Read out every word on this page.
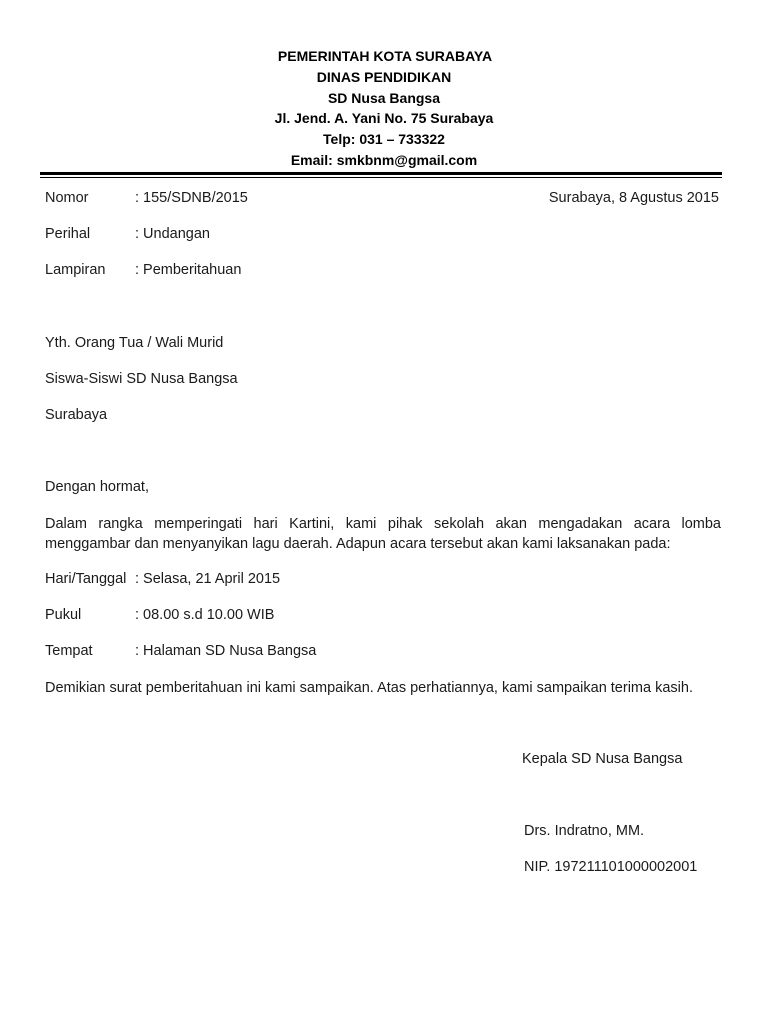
PEMERINTAH KOTA SURABAYA
DINAS PENDIDIKAN
SD Nusa Bangsa
Jl. Jend. A. Yani No. 75 Surabaya
Telp: 031 – 733322
Email: smkbnm@gmail.com
Nomor	: 155/SDNB/2015	Surabaya, 8 Agustus 2015
Perihal	: Undangan
Lampiran : Pemberitahuan
Yth. Orang Tua / Wali Murid
Siswa-Siswi SD Nusa Bangsa
Surabaya
Dengan hormat,
Dalam rangka memperingati hari Kartini, kami pihak sekolah akan mengadakan acara lomba
menggambar dan menyanyikan lagu daerah. Adapun acara tersebut akan kami laksanakan pada:
Hari/Tanggal : Selasa, 21 April 2015
Pukul	: 08.00 s.d 10.00 WIB
Tempat	: Halaman SD Nusa Bangsa
Demikian surat pemberitahuan ini kami sampaikan. Atas perhatiannya, kami sampaikan terima kasih.
Kepala SD Nusa Bangsa
Drs. Indratno, MM.
NIP. 197211101000002001
